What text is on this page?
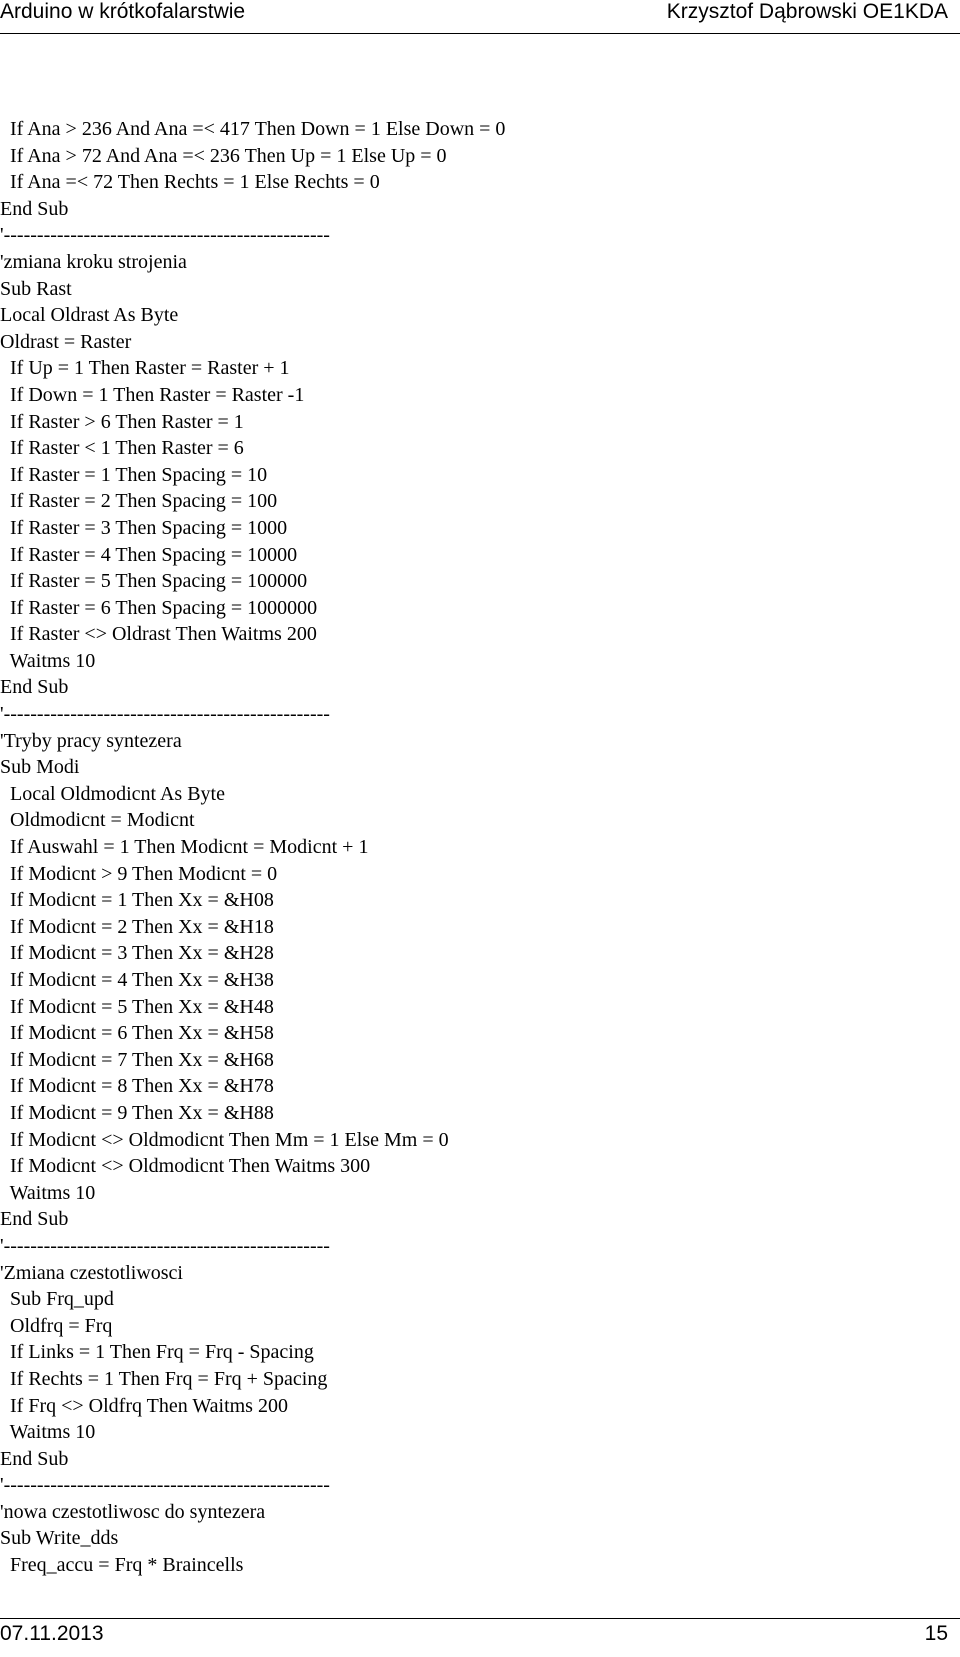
Arduino w krótkofalarstwie	Krzysztof Dąbrowski OE1KDA
If Ana > 236 And Ana =< 417 Then Down = 1 Else Down = 0
If Ana > 72 And Ana =< 236 Then Up = 1 Else Up = 0
If Ana =< 72 Then Rechts = 1 Else Rechts = 0
End Sub
'-------------------------------------------------
'zmiana kroku strojenia
Sub Rast
Local Oldrast As Byte
Oldrast = Raster
If Up = 1 Then Raster = Raster + 1
If Down = 1 Then Raster = Raster -1
If Raster > 6 Then Raster = 1
If Raster < 1 Then Raster = 6
If Raster = 1 Then Spacing = 10
If Raster = 2 Then Spacing = 100
If Raster = 3 Then Spacing = 1000
If Raster = 4 Then Spacing = 10000
If Raster = 5 Then Spacing = 100000
If Raster = 6 Then Spacing = 1000000
If Raster <> Oldrast Then Waitms 200
Waitms 10
End Sub
'-------------------------------------------------
'Tryby pracy syntezera
Sub Modi
Local Oldmodicnt As Byte
Oldmodicnt = Modicnt
If Auswahl = 1 Then Modicnt = Modicnt + 1
If Modicnt > 9 Then Modicnt = 0
If Modicnt = 1 Then Xx = &H08
If Modicnt = 2 Then Xx = &H18
If Modicnt = 3 Then Xx = &H28
If Modicnt = 4 Then Xx = &H38
If Modicnt = 5 Then Xx = &H48
If Modicnt = 6 Then Xx = &H58
If Modicnt = 7 Then Xx = &H68
If Modicnt = 8 Then Xx = &H78
If Modicnt = 9 Then Xx = &H88
If Modicnt <> Oldmodicnt Then Mm = 1 Else Mm = 0
If Modicnt <> Oldmodicnt Then Waitms 300
Waitms 10
End Sub
'-------------------------------------------------
'Zmiana czestotliwosci
Sub Frq_upd
Oldfrq = Frq
If Links = 1 Then Frq = Frq - Spacing
If Rechts = 1 Then Frq = Frq + Spacing
If Frq <> Oldfrq Then Waitms 200
Waitms 10
End Sub
'-------------------------------------------------
'nowa czestotliwosc do syntezera
Sub Write_dds
Freq_accu = Frq * Braincells
07.11.2013	15
